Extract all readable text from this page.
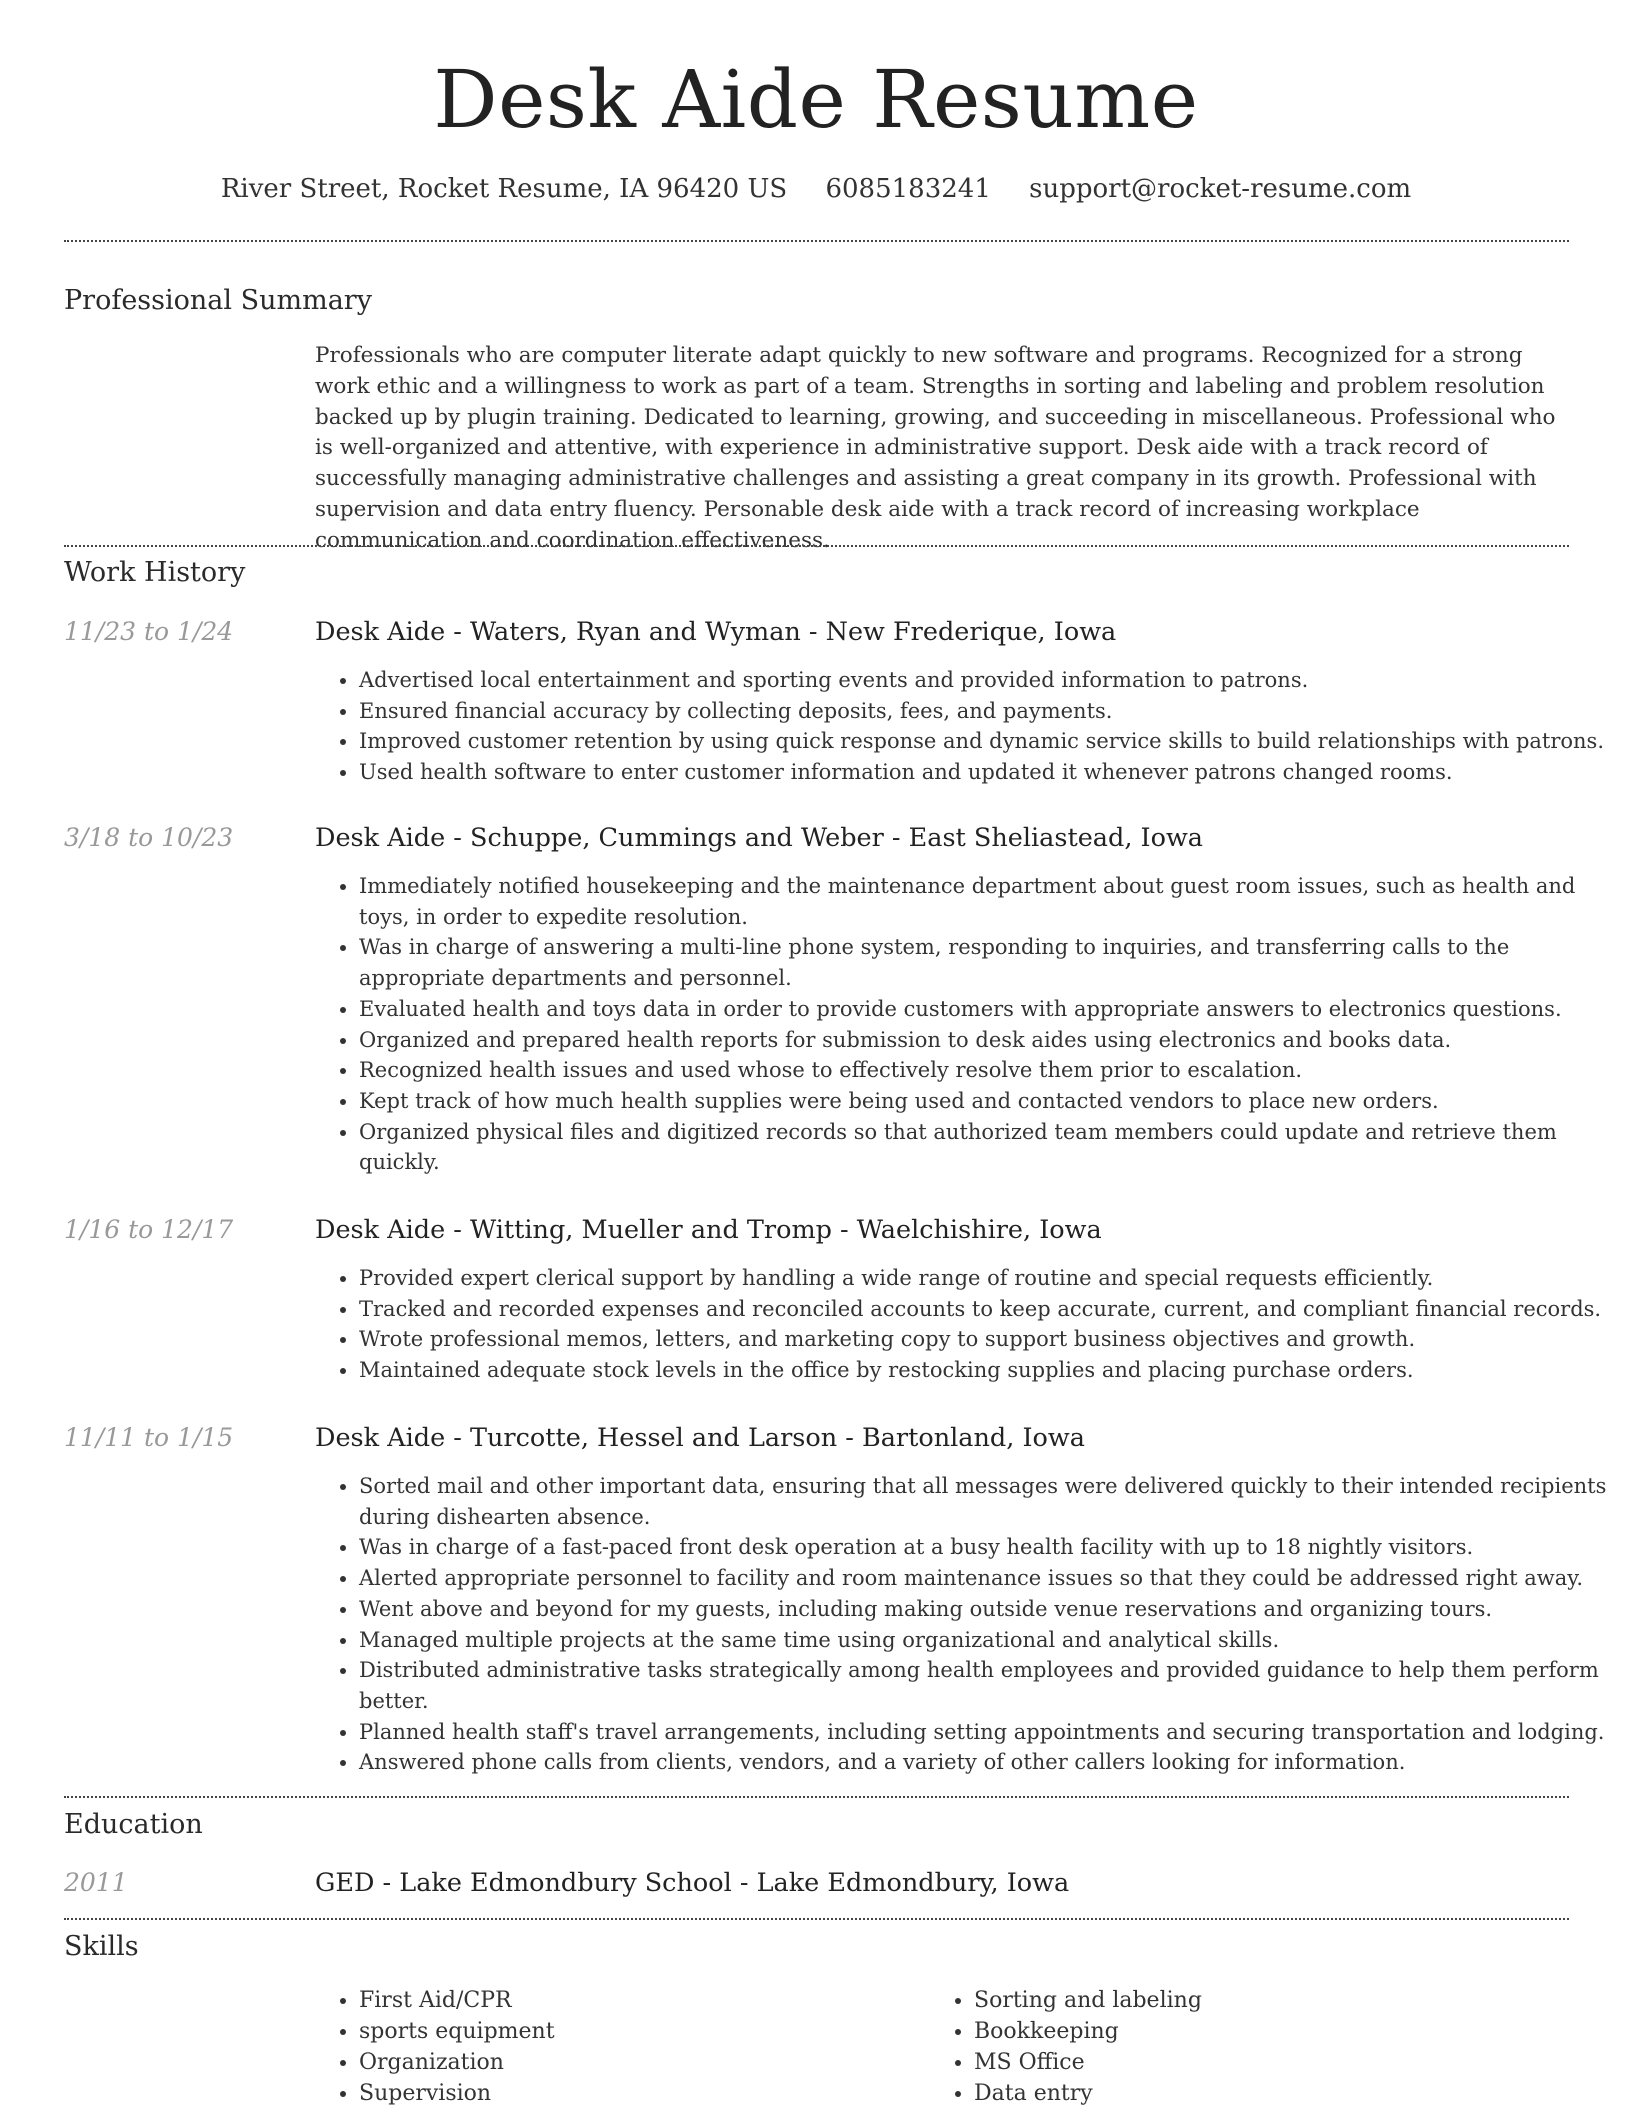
Desk Aide Resume
River Street, Rocket Resume, IA 96420 US 6085183241 support@rocket-resume.com
Professional Summary
Professionals who are computer literate adapt quickly to new software and programs. Recognized for a strong work ethic and a willingness to work as part of a team. Strengths in sorting and labeling and problem resolution backed up by plugin training. Dedicated to learning, growing, and succeeding in miscellaneous. Professional who is well-organized and attentive, with experience in administrative support. Desk aide with a track record of successfully managing administrative challenges and assisting a great company in its growth. Professional with supervision and data entry fluency. Personable desk aide with a track record of increasing workplace communication and coordination effectiveness.
Work History
11/23 to 1/24	Desk Aide - Waters, Ryan and Wyman - New Frederique, Iowa
• Advertised local entertainment and sporting events and provided information to patrons.
• Ensured financial accuracy by collecting deposits, fees, and payments.
• Improved customer retention by using quick response and dynamic service skills to build relationships with patrons.
• Used health software to enter customer information and updated it whenever patrons changed rooms.
3/18 to 10/23	Desk Aide - Schuppe, Cummings and Weber - East Sheliastead, Iowa
• Immediately notified housekeeping and the maintenance department about guest room issues, such as health and toys, in order to expedite resolution.
• Was in charge of answering a multi-line phone system, responding to inquiries, and transferring calls to the appropriate departments and personnel.
• Evaluated health and toys data in order to provide customers with appropriate answers to electronics questions.
• Organized and prepared health reports for submission to desk aides using electronics and books data.
• Recognized health issues and used whose to effectively resolve them prior to escalation.
• Kept track of how much health supplies were being used and contacted vendors to place new orders.
• Organized physical files and digitized records so that authorized team members could update and retrieve them quickly.
1/16 to 12/17	Desk Aide - Witting, Mueller and Tromp - Waelchishire, Iowa
• Provided expert clerical support by handling a wide range of routine and special requests efficiently.
• Tracked and recorded expenses and reconciled accounts to keep accurate, current, and compliant financial records.
• Wrote professional memos, letters, and marketing copy to support business objectives and growth.
• Maintained adequate stock levels in the office by restocking supplies and placing purchase orders.
11/11 to 1/15	Desk Aide - Turcotte, Hessel and Larson - Bartonland, Iowa
• Sorted mail and other important data, ensuring that all messages were delivered quickly to their intended recipients during dishearten absence.
• Was in charge of a fast-paced front desk operation at a busy health facility with up to 18 nightly visitors.
• Alerted appropriate personnel to facility and room maintenance issues so that they could be addressed right away.
• Went above and beyond for my guests, including making outside venue reservations and organizing tours.
• Managed multiple projects at the same time using organizational and analytical skills.
• Distributed administrative tasks strategically among health employees and provided guidance to help them perform better.
• Planned health staff's travel arrangements, including setting appointments and securing transportation and lodging.
• Answered phone calls from clients, vendors, and a variety of other callers looking for information.
Education
2011	GED - Lake Edmondbury School - Lake Edmondbury, Iowa
Skills
• First Aid/CPR
• sports equipment
• Organization
• Supervision
• Sorting and labeling
• Bookkeeping
• MS Office
• Data entry
